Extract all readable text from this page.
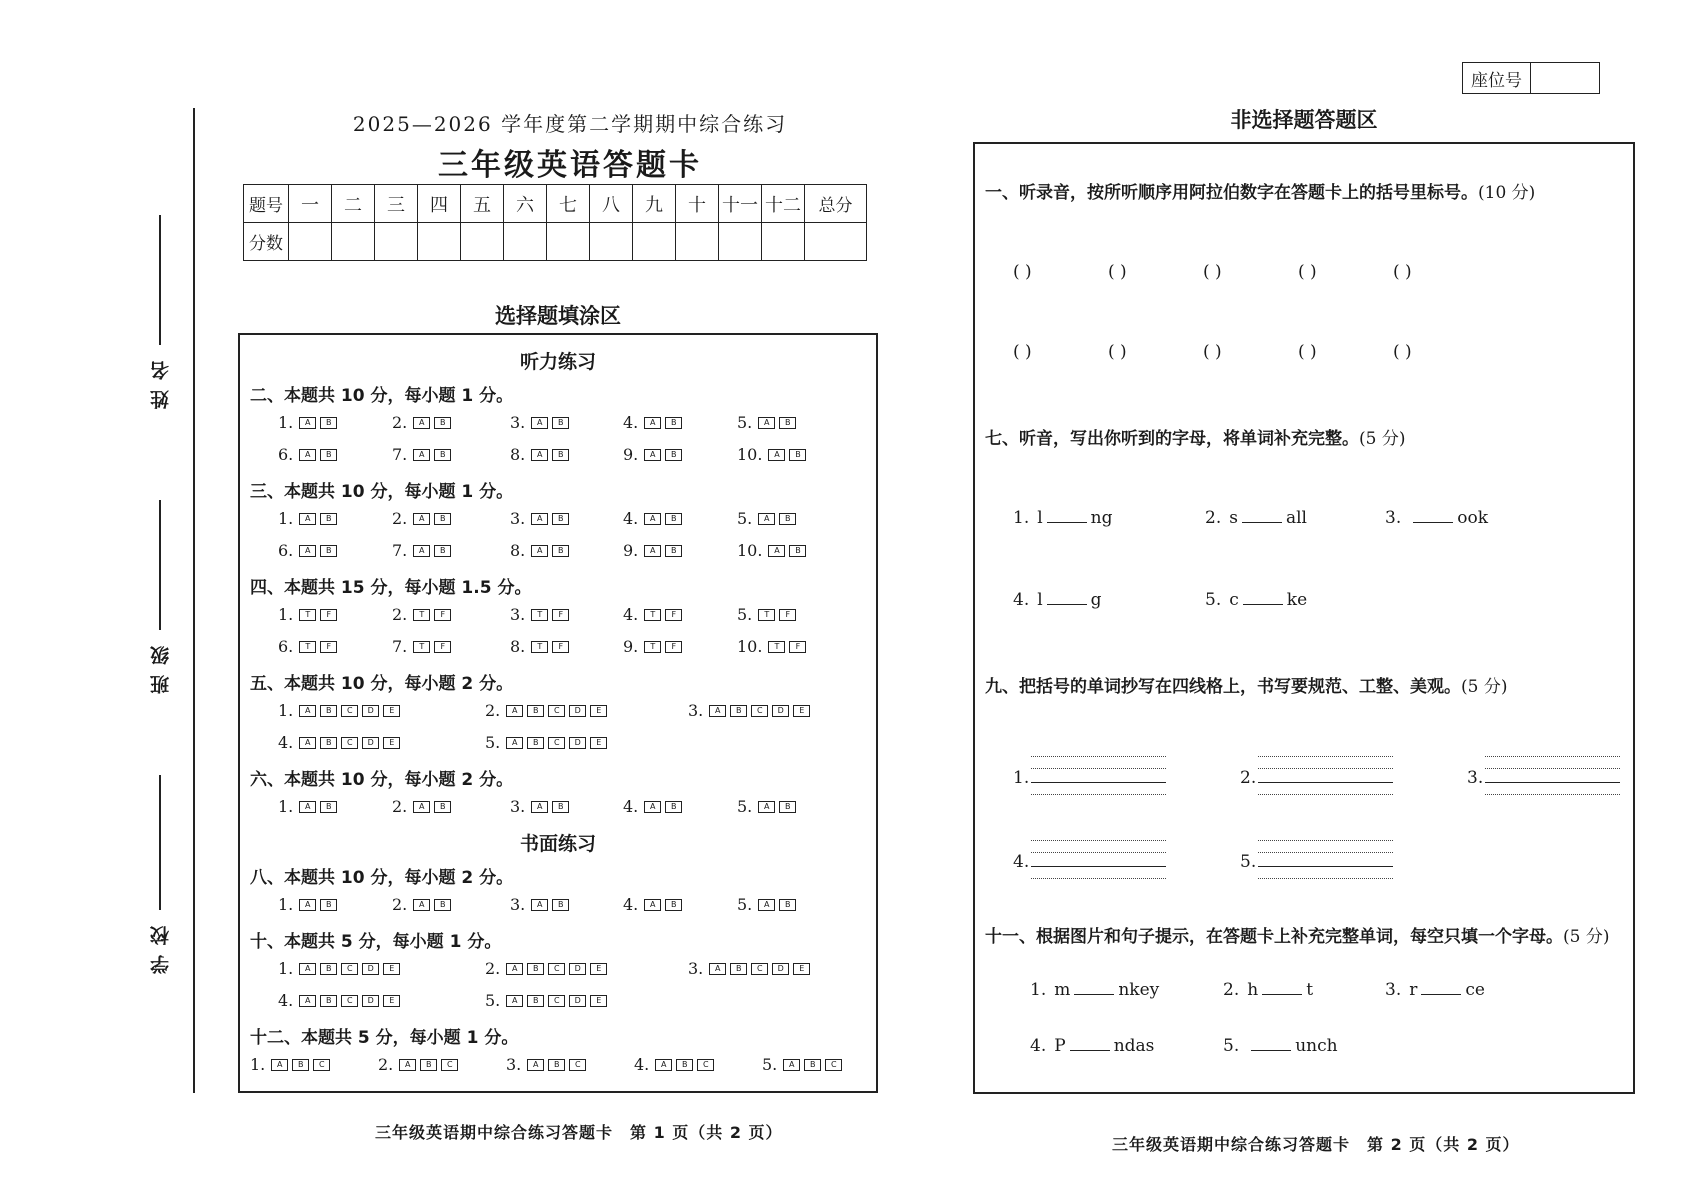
姓名
班级
学校
2025—2026 学年度第二学期期中综合练习
三年级英语答题卡
题号	一	二	三	四	五	六	七	八	九	十	十一	十二	总分
分数													
选择题填涂区
听力练习
二、本题共 10 分，每小题 1 分。
1.	A	B	2.	A	B	3.	A	B	4.	A	B	5.	A	B
6.	A	B	7.	A	B	8.	A	B	9.	A	B	10.	A	B
三、本题共 10 分，每小题 1 分。
1.	A	B	2.	A	B	3.	A	B	4.	A	B	5.	A	B
6.	A	B	7.	A	B	8.	A	B	9.	A	B	10.	A	B
四、本题共 15 分，每小题 1.5 分。
1.	T	F	2.	T	F	3.	T	F	4.	T	F	5.	T	F
6.	T	F	7.	T	F	8.	T	F	9.	T	F	10.	T	F
五、本题共 10 分，每小题 2 分。
1.	A	B	C	D	E	2.	A	B	C	D	E	3.	A	B	C	D	E
4.	A	B	C	D	E	5.	A	B	C	D	E
六、本题共 10 分，每小题 2 分。
1.	A	B	2.	A	B	3.	A	B	4.	A	B	5.	A	B
书面练习
八、本题共 10 分，每小题 2 分。
1.	A	B	2.	A	B	3.	A	B	4.	A	B	5.	A	B
十、本题共 5 分，每小题 1 分。
1.	A	B	C	D	E	2.	A	B	C	D	E	3.	A	B	C	D	E
4.	A	B	C	D	E	5.	A	B	C	D	E
十二、本题共 5 分，每小题 1 分。
1.	A	B	C	2.	A	B	C	3.	A	B	C	4.	A	B	C	5.	A	B	C
三年级英语期中综合练习答题卡　第 1 页（共 2 页）
座位号
非选择题答题区
一、听录音，按所听顺序用阿拉伯数字在答题卡上的括号里标号。(10 分)
( )	( )	( )	( )	( )
( )	( )	( )	( )	( )
七、听音，写出你听到的字母，将单词补充完整。(5 分)
1. l	ng	2. s	all	3.	ook
4. l	g	5. c	ke
九、把括号的单词抄写在四线格上，书写要规范、工整、美观。(5 分)
1.	2.	3.
4.	5.
十一、根据图片和句子提示，在答题卡上补充完整单词，每空只填一个字母。(5 分)
1. m	nkey	2. h	t	3. r	ce
4. P	ndas	5.	unch
三年级英语期中综合练习答题卡　第 2 页（共 2 页）
